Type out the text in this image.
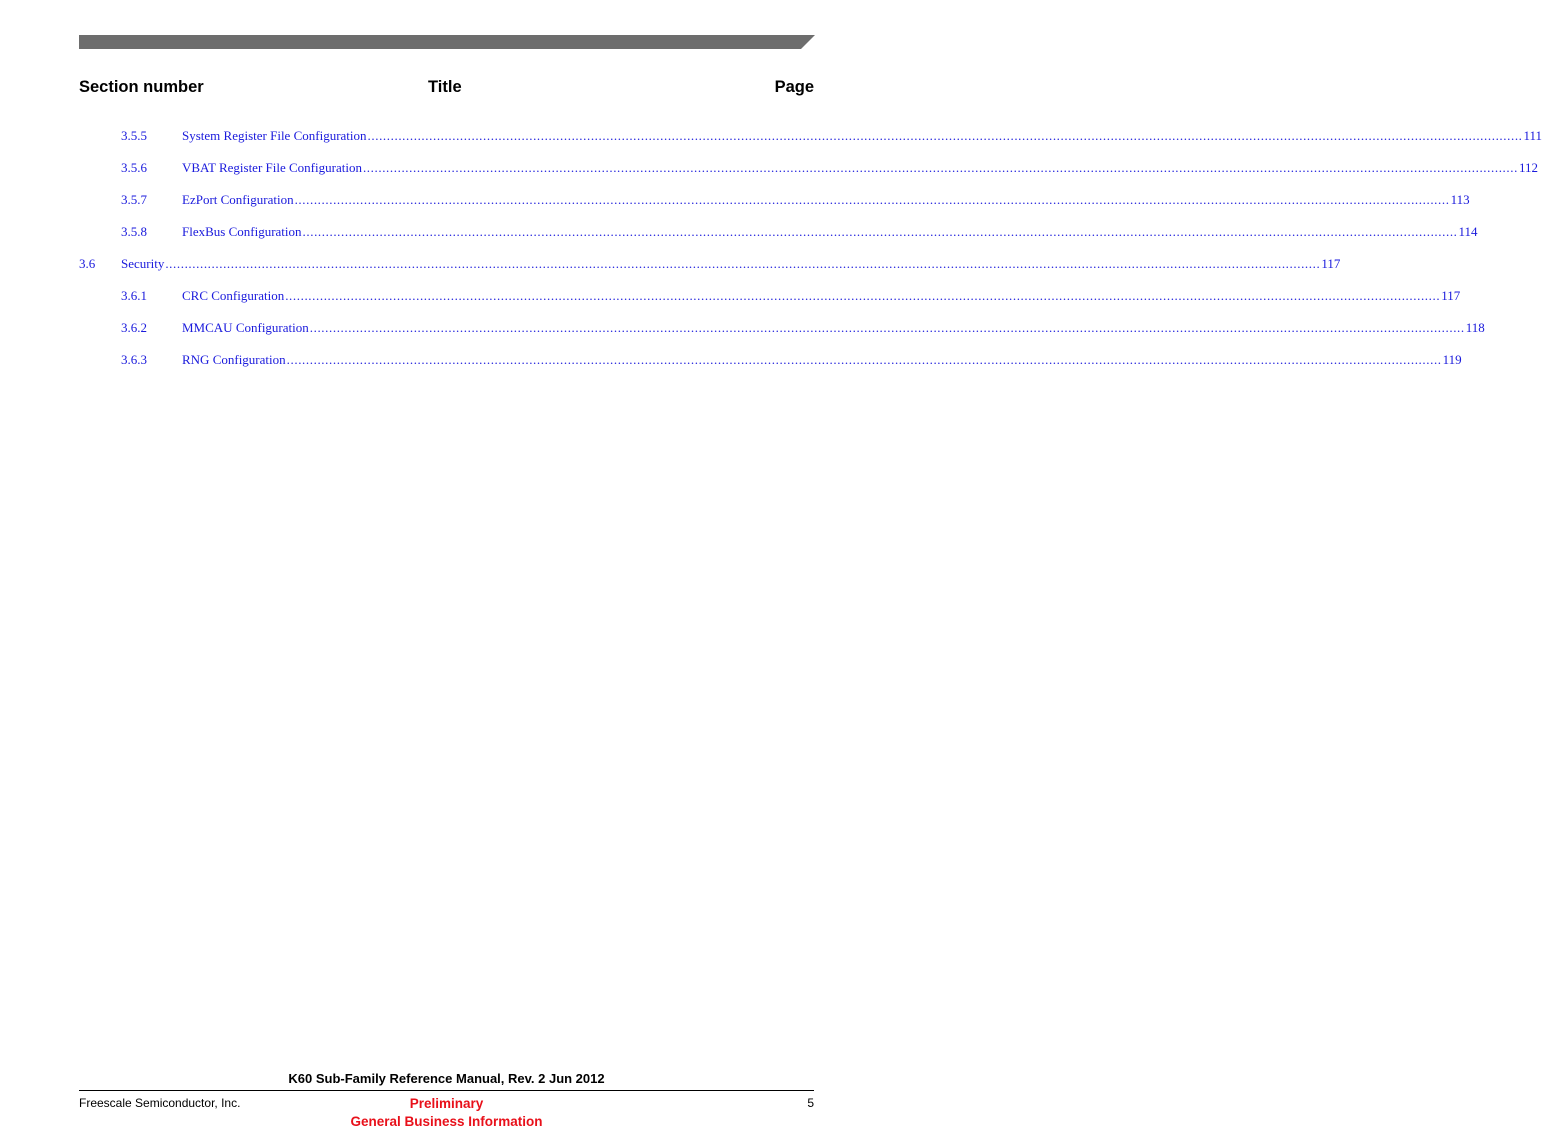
Section number	Title	Page
3.5.5	System Register File Configuration ............................................................................................................................................................................................................................................................................................................ 111
3.5.6	VBAT Register File Configuration ............................................................................................................................................................................................................................................................................................................ 112
3.5.7	EzPort Configuration ............................................................................................................................................................................................................................................................................................................ 113
3.5.8	FlexBus Configuration ............................................................................................................................................................................................................................................................................................................ 114
3.6 Security ............................................................................................................................................................................................................................................................................................................ 117
3.6.1	CRC Configuration ............................................................................................................................................................................................................................................................................................................ 117
3.6.2	MMCAU Configuration ............................................................................................................................................................................................................................................................................................................ 118
3.6.3	RNG Configuration ............................................................................................................................................................................................................................................................................................................ 119
K60 Sub-Family Reference Manual, Rev. 2 Jun 2012
Freescale Semiconductor, Inc.	Preliminary
General Business Information
5
